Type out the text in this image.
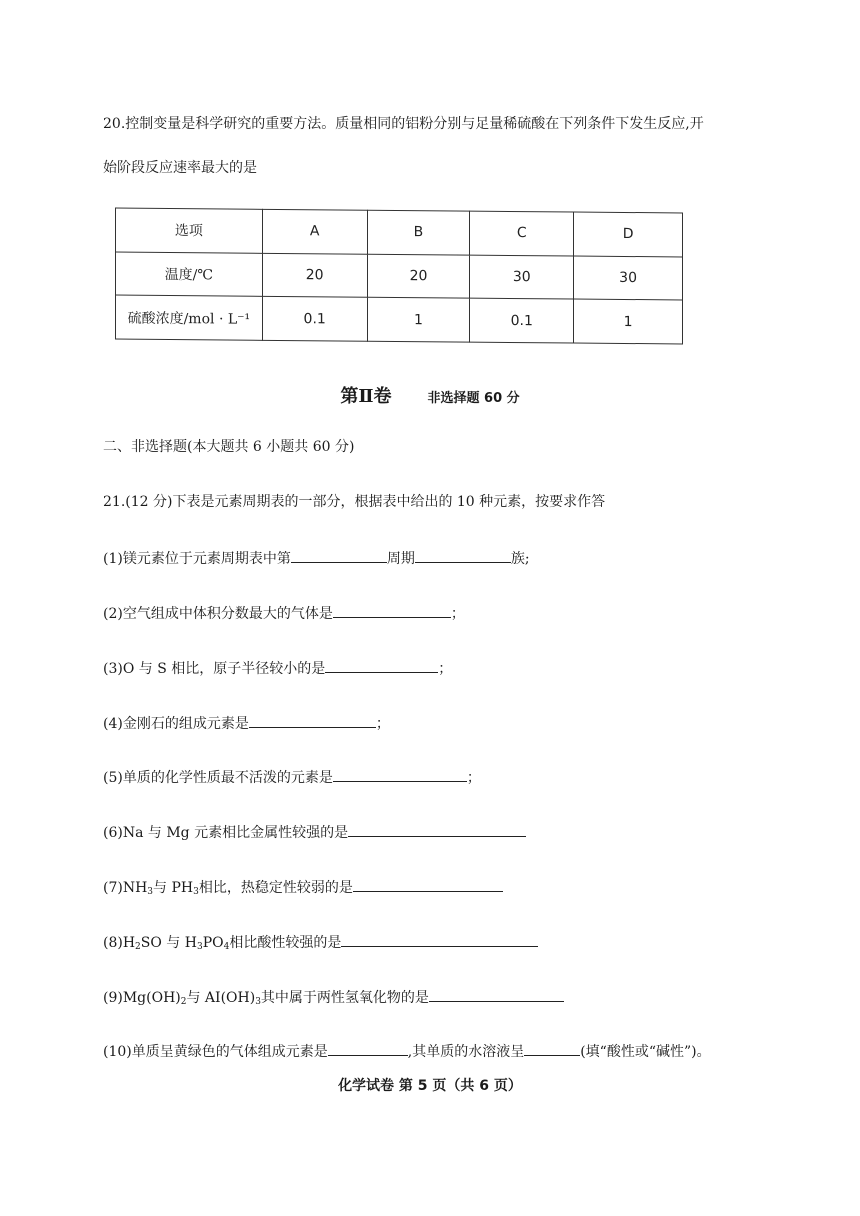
20.控制变量是科学研究的重要方法。质量相同的铝粉分别与足量稀硫酸在下列条件下发生反应,开
始阶段反应速率最大的是
选项	A	B	C	D
温度/℃	20	20	30	30
硫酸浓度/mol · L⁻¹	0.1	1	0.1	1
第Ⅱ卷	非选择题 60 分
二、非选择题(本大题共 6 小题共 60 分)
21.(12 分)下表是元素周期表的一部分，根据表中给出的 10 种元素，按要求作答
(1)镁元素位于元素周期表中第	周期	族;
(2)空气组成中体积分数最大的气体是	；
(3)O 与 S 相比，原子半径较小的是	；
(4)金刚石的组成元素是	；
(5)单质的化学性质最不活泼的元素是	；
(6)Na 与 Mg 元素相比金属性较强的是
$(7)NH_3$与 $PH_3$相比，热稳定性较弱的是
$(8)H_2SO$ 与 $H_3PO_4$相比酸性较强的是
$(9)Mg(OH)_2$与 $AI(OH)_3$其中属于两性氢氧化物的是
(10)单质呈黄绿色的气体组成元素是	,其单质的水溶液呈	(填“酸性或“碱性”)。
化学试卷 第 5 页（共 6 页）
